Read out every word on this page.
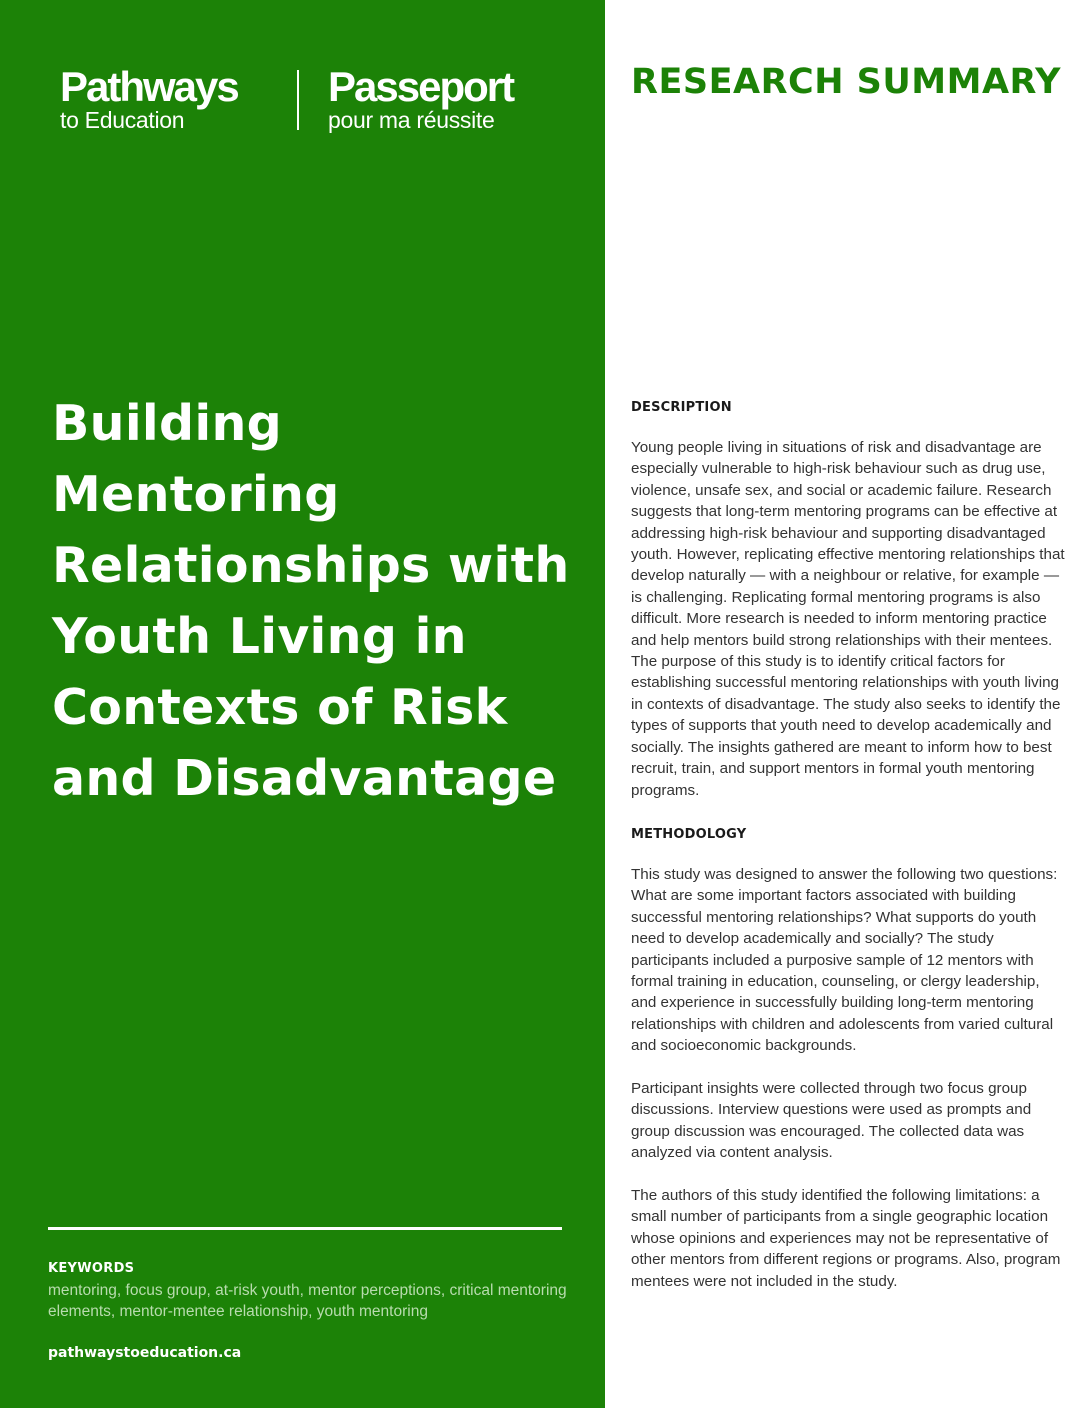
Pathways
to Education
Passeport
pour ma réussite
Building Mentoring Relationships with Youth Living in Contexts of Risk and Disadvantage
KEYWORDS
mentoring, focus group, at-risk youth, mentor perceptions, critical mentoring elements, mentor-mentee relationship, youth mentoring
pathwaystoeducation.ca
RESEARCH SUMMARY
DESCRIPTION

Young people living in situations of risk and disadvantage are especially vulnerable to high-risk behaviour such as drug use, violence, unsafe sex, and social or academic failure. Research suggests that long-term mentoring programs can be effective at addressing high-risk behaviour and supporting disadvantaged youth. However, replicating effective mentoring relationships that develop naturally — with a neighbour or relative, for example — is challenging. Replicating formal mentoring programs is also difficult. More research is needed to inform mentoring practice and help mentors build strong relationships with their mentees. The purpose of this study is to identify critical factors for establishing successful mentoring relationships with youth living in contexts of disadvantage. The study also seeks to identify the types of supports that youth need to develop academically and socially. The insights gathered are meant to inform how to best recruit, train, and support mentors in formal youth mentoring programs.

METHODOLOGY

This study was designed to answer the following two questions: What are some important factors associated with building successful mentoring relationships? What supports do youth need to develop academically and socially? The study participants included a purposive sample of 12 mentors with formal training in education, counseling, or clergy leadership, and experience in successfully building long-term mentoring relationships with children and adolescents from varied cultural and socioeconomic backgrounds.

Participant insights were collected through two focus group discussions. Interview questions were used as prompts and group discussion was encouraged. The collected data was analyzed via content analysis.

The authors of this study identified the following limitations: a small number of participants from a single geographic location whose opinions and experiences may not be representative of other mentors from different regions or programs. Also, program mentees were not included in the study.
